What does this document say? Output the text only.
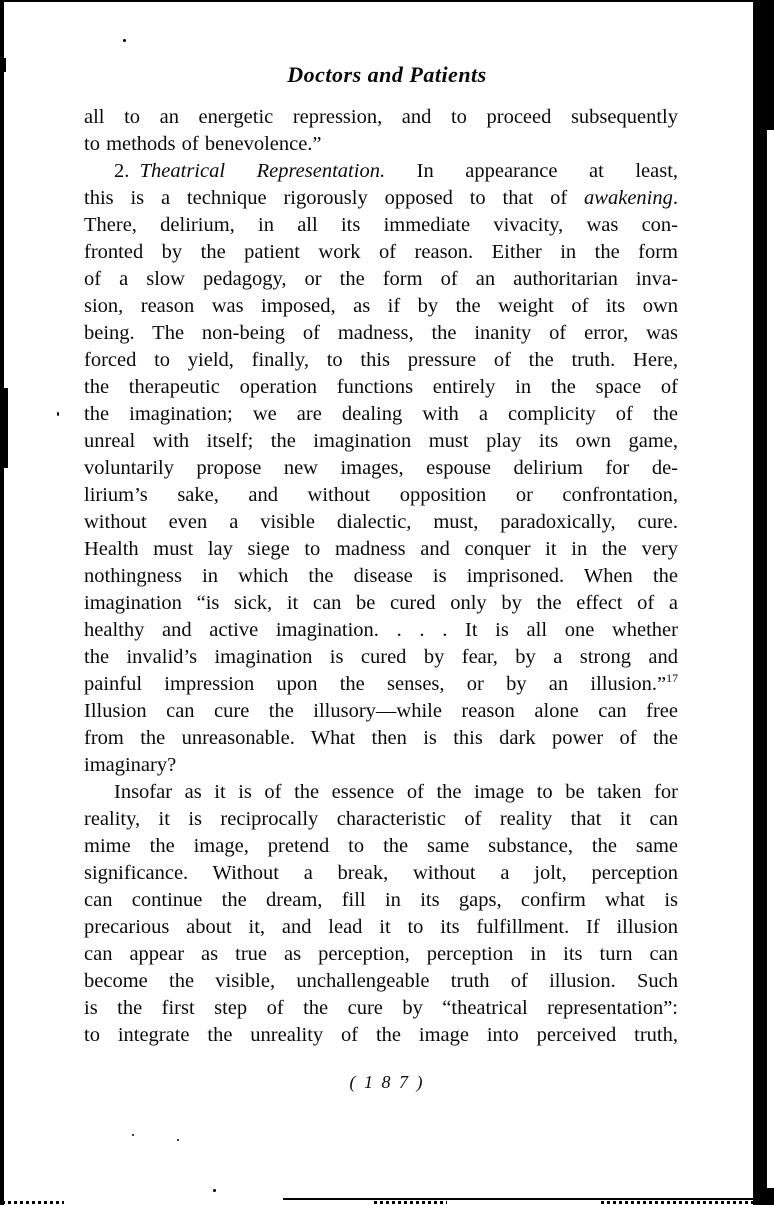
Doctors and Patients
all to an energetic repression, and to proceed subsequently
to methods of benevolence.”
2. Theatrical Representation. In appearance at least,
this is a technique rigorously opposed to that of awakening.
There, delirium, in all its immediate vivacity, was con-
fronted by the patient work of reason. Either in the form
of a slow pedagogy, or the form of an authoritarian inva-
sion, reason was imposed, as if by the weight of its own
being. The non-being of madness, the inanity of error, was
forced to yield, finally, to this pressure of the truth. Here,
the therapeutic operation functions entirely in the space of
the imagination; we are dealing with a complicity of the
unreal with itself; the imagination must play its own game,
voluntarily propose new images, espouse delirium for de-
lirium’s sake, and without opposition or confrontation,
without even a visible dialectic, must, paradoxically, cure.
Health must lay siege to madness and conquer it in the very
nothingness in which the disease is imprisoned. When the
imagination “is sick, it can be cured only by the effect of a
healthy and active imagination. . . . It is all one whether
the invalid’s imagination is cured by fear, by a strong and
painful impression upon the senses, or by an illusion.”$^{17}$
Illusion can cure the illusory—while reason alone can free
from the unreasonable. What then is this dark power of the
imaginary?
Insofar as it is of the essence of the image to be taken for
reality, it is reciprocally characteristic of reality that it can
mime the image, pretend to the same substance, the same
significance. Without a break, without a jolt, perception
can continue the dream, fill in its gaps, confirm what is
precarious about it, and lead it to its fulfillment. If illusion
can appear as true as perception, perception in its turn can
become the visible, unchallengeable truth of illusion. Such
is the first step of the cure by “theatrical representation”:
to integrate the unreality of the image into perceived truth,
( 1 8 7 )
